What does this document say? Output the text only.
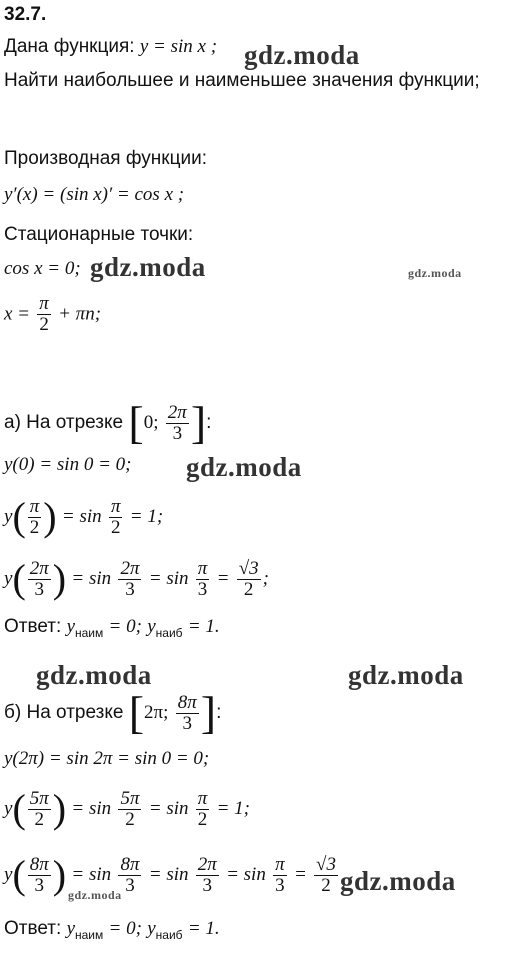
32.7.
Дана функция: y = sin x ;
Найти наибольшее и наименьшее значения функции;
Производная функции:
y′(x) = (sin x)′ = cos x ;
Стационарные точки:
cos x = 0;
$x = \frac{\pi}{2} + \pi n$;
а) На отрезке [0; $\frac{2\pi}{3}$ ]:
y(0) = sin 0 = 0;
$y( \frac{\pi}{2}$ ) = $\sin \frac{\pi}{2} = 1$;
$y( \frac{2\pi}{3}$ ) = $\sin \frac{2\pi}{3} = \sin \frac{\pi}{3} = \frac{√3}{2}$ ;
Ответ: $y_{наим} = 0$; $y_{наиб} = 1$.
б) На отрезке [2π; $\frac{8\pi}{3}$ ]:
y(2π) = sin 2π = sin 0 = 0;
$y( \frac{5\pi}{2}$ ) = $\sin \frac{5\pi}{2} = \sin \frac{\pi}{2} = 1$;
$y( \frac{8\pi}{3}$ ) = $\sin \frac{8\pi}{3} = \sin \frac{2\pi}{3} = \sin \frac{\pi}{3} = \frac{√3}{2}$
Ответ: $y_{наим} = 0$; $y_{наиб} = 1$.
gdz.moda
gdz.moda	gdz.moda
gdz.moda
gdz.moda	gdz.moda
gdz.moda	gdz.moda
